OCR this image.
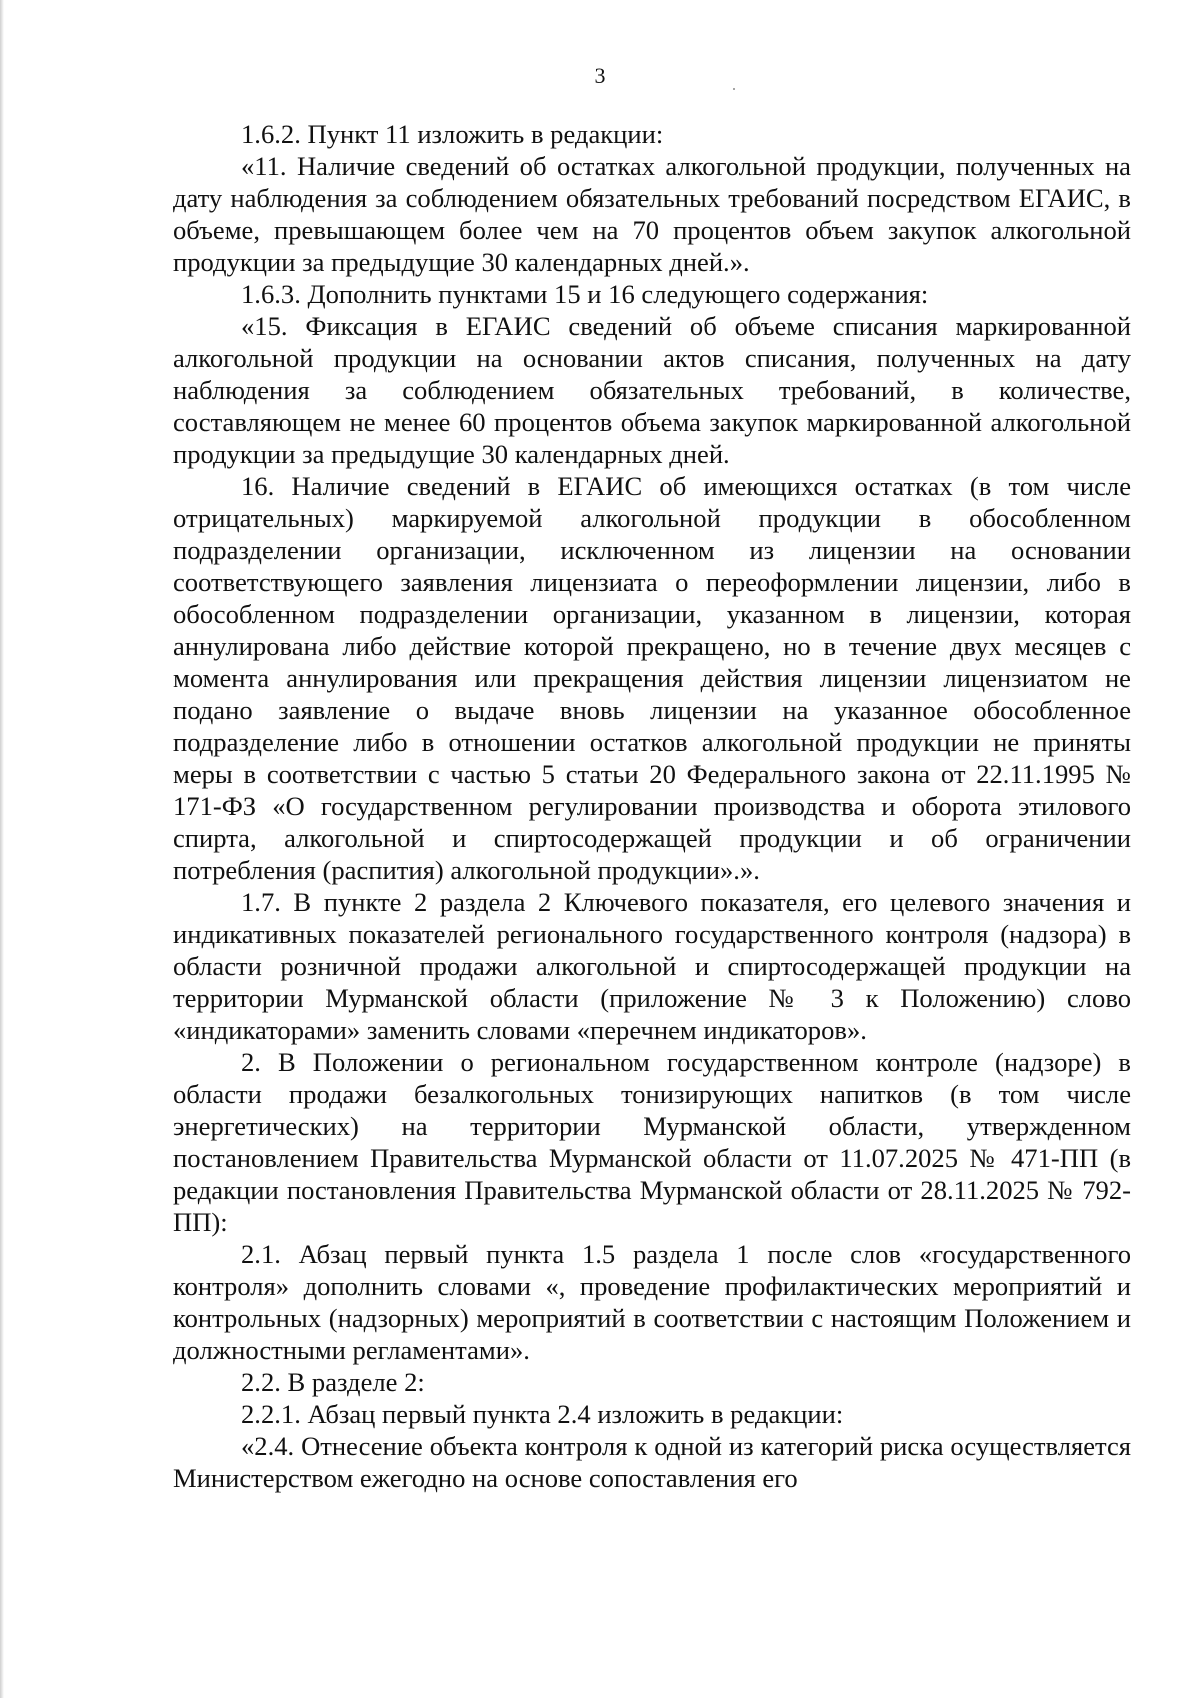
3

1.6.2. Пункт 11 изложить в редакции:

«11. Наличие сведений об остатках алкогольной продукции, полученных на дату наблюдения за соблюдением обязательных требований посредством ЕГАИС, в объеме, превышающем более чем на 70 процентов объем закупок алкогольной продукции за предыдущие 30 календарных дней.».

1.6.3. Дополнить пунктами 15 и 16 следующего содержания:

«15. Фиксация в ЕГАИС сведений об объеме списания маркированной алкогольной продукции на основании актов списания, полученных на дату наблюдения за соблюдением обязательных требований, в количестве, составляющем не менее 60 процентов объема закупок маркированной алкогольной продукции за предыдущие 30 календарных дней.

16. Наличие сведений в ЕГАИС об имеющихся остатках (в том числе отрицательных) маркируемой алкогольной продукции в обособленном подразделении организации, исключенном из лицензии на основании соответствующего заявления лицензиата о переоформлении лицензии, либо в обособленном подразделении организации, указанном в лицензии, которая аннулирована либо действие которой прекращено, но в течение двух месяцев с момента аннулирования или прекращения действия лицензии лицензиатом не подано заявление о выдаче вновь лицензии на указанное обособленное подразделение либо в отношении остатков алкогольной продукции не приняты меры в соответствии с частью 5 статьи 20 Федерального закона от 22.11.1995 № 171-ФЗ «О государственном регулировании производства и оборота этилового спирта, алкогольной и спиртосодержащей продукции и об ограничении потребления (распития) алкогольной продукции».».

1.7. В пункте 2 раздела 2 Ключевого показателя, его целевого значения и индикативных показателей регионального государственного контроля (надзора) в области розничной продажи алкогольной и спиртосодержащей продукции на территории Мурманской области (приложение № 3 к Положению) слово «индикаторами» заменить словами «перечнем индикаторов».

2. В Положении о региональном государственном контроле (надзоре) в области продажи безалкогольных тонизирующих напитков (в том числе энергетических) на территории Мурманской области, утвержденном постановлением Правительства Мурманской области от 11.07.2025 № 471-ПП (в редакции постановления Правительства Мурманской области от 28.11.2025 № 792-ПП):

2.1. Абзац первый пункта 1.5 раздела 1 после слов «государственного контроля» дополнить словами «, проведение профилактических мероприятий и контрольных (надзорных) мероприятий в соответствии с настоящим Положением и должностными регламентами».

2.2. В разделе 2:

2.2.1. Абзац первый пункта 2.4 изложить в редакции:

«2.4. Отнесение объекта контроля к одной из категорий риска осуществляется Министерством ежегодно на основе сопоставления его
